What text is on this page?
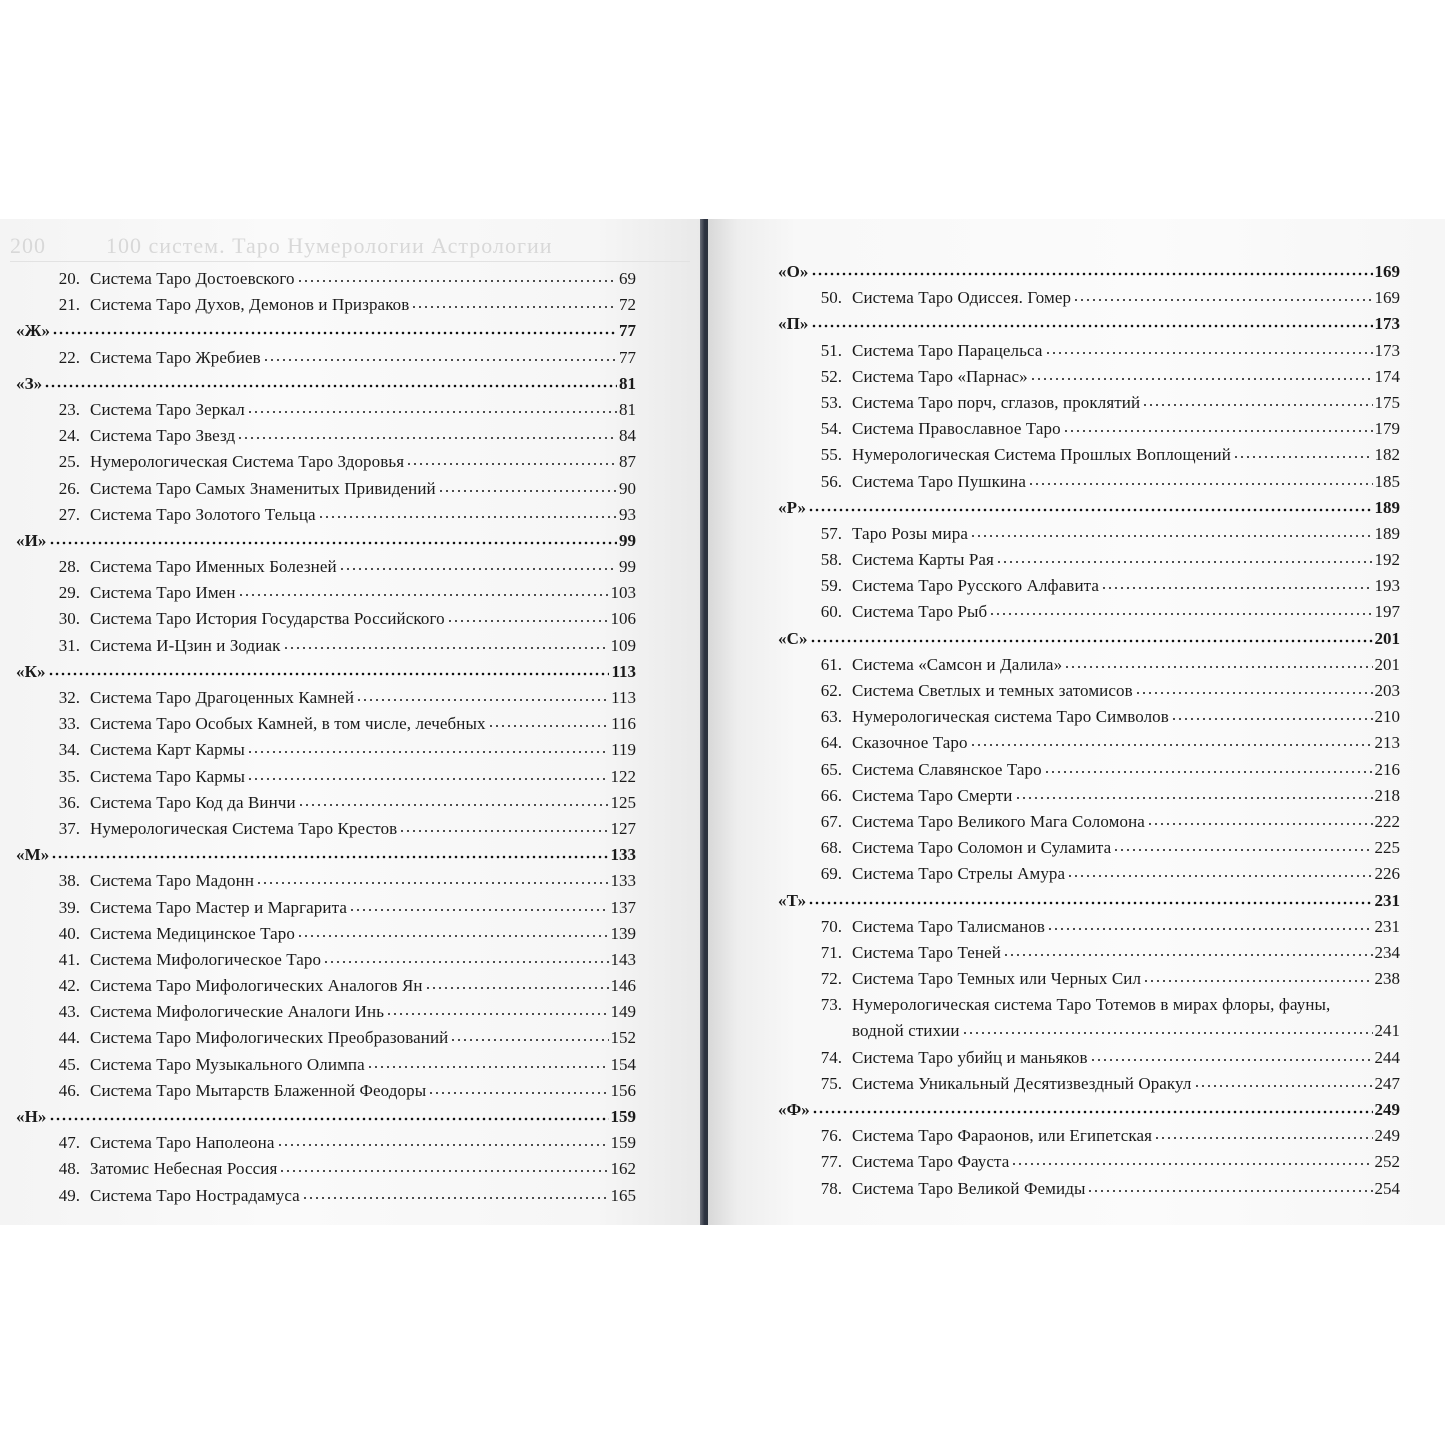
200	100 систем. Таро Нумерологии Астрологии
20. Система Таро Достоевского	69
21. Система Таро Духов, Демонов и Призраков	72
«Ж»	77
22. Система Таро Жребиев	77
«З»	81
23. Система Таро Зеркал	81
24. Система Таро Звезд	84
25. Нумерологическая Система Таро Здоровья	87
26. Система Таро Самых Знаменитых Привидений	90
27. Система Таро Золотого Тельца	93
«И»	99
28. Система Таро Именных Болезней	99
29. Система Таро Имен	103
30. Система Таро История Государства Российского	106
31. Система И-Цзин и Зодиак	109
«К»	113
32. Система Таро Драгоценных Камней	113
33. Система Таро Особых Камней, в том числе, лечебных	116
34. Система Карт Кармы	119
35. Система Таро Кармы	122
36. Система Таро Код да Винчи	125
37. Нумерологическая Система Таро Крестов	127
«М»	133
38. Система Таро Мадонн	133
39. Система Таро Мастер и Маргарита	137
40. Система Медицинское Таро	139
41. Система Мифологическое Таро	143
42. Система Таро Мифологических Аналогов Ян	146
43. Система Мифологические Аналоги Инь	149
44. Система Таро Мифологических Преобразований	152
45. Система Таро Музыкального Олимпа	154
46. Система Таро Мытарств Блаженной Феодоры	156
«Н»	159
47. Система Таро Наполеона	159
48. Затомис Небесная Россия	162
49. Система Таро Нострадамуса	165
«О»	169
50. Система Таро Одиссея. Гомер	169
«П»	173
51. Система Таро Парацельса	173
52. Система Таро «Парнас»	174
53. Система Таро порч, сглазов, проклятий	175
54. Система Православное Таро	179
55. Нумерологическая Система Прошлых Воплощений	182
56. Система Таро Пушкина	185
«Р»	189
57. Таро Розы мира	189
58. Система Карты Рая	192
59. Система Таро Русского Алфавита	193
60. Система Таро Рыб	197
«С»	201
61. Система «Самсон и Далила»	201
62. Система Светлых и темных затомисов	203
63. Нумерологическая система Таро Символов	210
64. Сказочное Таро	213
65. Система Славянское Таро	216
66. Система Таро Смерти	218
67. Система Таро Великого Мага Соломона	222
68. Система Таро Соломон и Суламита	225
69. Система Таро Стрелы Амура	226
«Т»	231
70. Система Таро Талисманов	231
71. Система Таро Теней	234
72. Система Таро Темных или Черных Сил	238
73. Нумерологическая система Таро Тотемов в мирах флоры, фауны,
водной стихии	241
74. Система Таро убийц и маньяков	244
75. Система Уникальный Десятизвездный Оракул	247
«Ф»	249
76. Система Таро Фараонов, или Египетская	249
77. Система Таро Фауста	252
78. Система Таро Великой Фемиды	254
